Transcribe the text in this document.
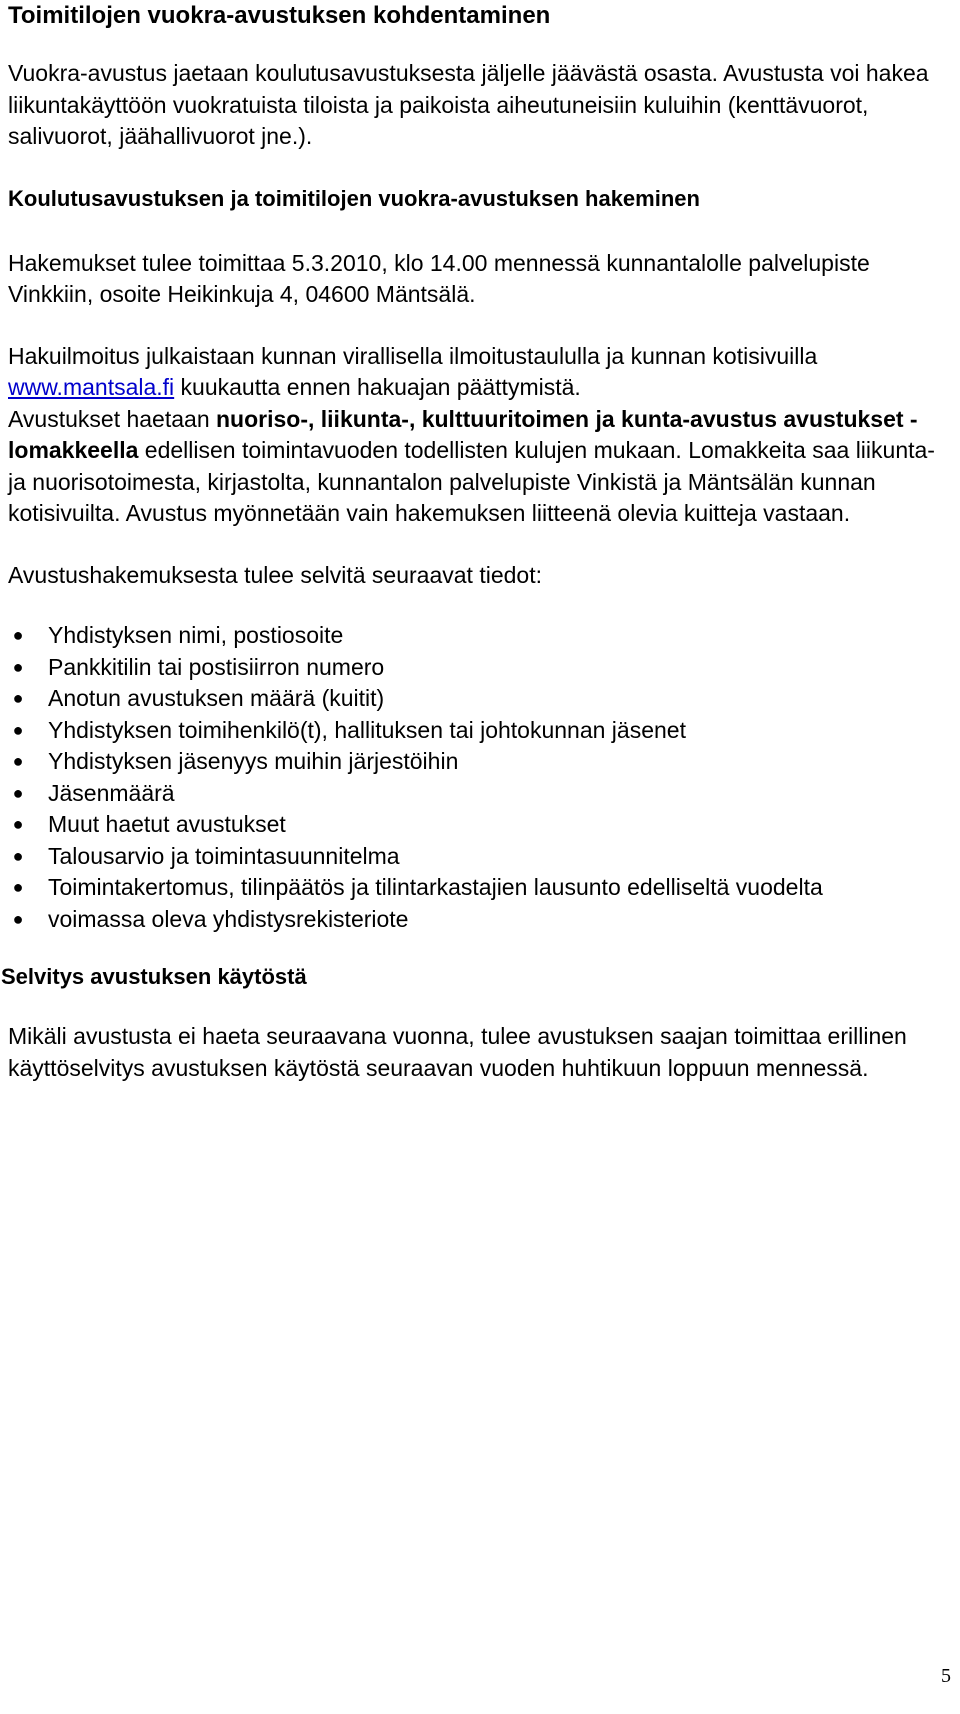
Toimitilojen vuokra-avustuksen kohdentaminen

Vuokra-avustus jaetaan koulutusavustuksesta jäljelle jäävästä osasta. Avustusta voi hakea liikuntakäyttöön vuokratuista tiloista ja paikoista aiheutuneisiin kuluihin (kenttävuorot, salivuorot, jäähallivuorot jne.).

Koulutusavustuksen ja toimitilojen vuokra-avustuksen hakeminen

Hakemukset tulee toimittaa 5.3.2010, klo 14.00 mennessä kunnantalolle palvelupiste Vinkkiin, osoite Heikinkuja 4, 04600 Mäntsälä.

Hakuilmoitus julkaistaan kunnan virallisella ilmoitustaululla ja kunnan kotisivuilla www.mantsala.fi kuukautta ennen hakuajan päättymistä.
Avustukset haetaan nuoriso-, liikunta-, kulttuuritoimen ja kunta-avustus avustukset -lomakkeella edellisen toimintavuoden todellisten kulujen mukaan. Lomakkeita saa liikunta- ja nuorisotoimesta, kirjastolta, kunnantalon palvelupiste Vinkistä ja Mäntsälän kunnan kotisivuilta. Avustus myönnetään vain hakemuksen liitteenä olevia kuitteja vastaan.

Avustushakemuksesta tulee selvitä seuraavat tiedot:

● Yhdistyksen nimi, postiosoite
● Pankkitilin tai postisiirron numero
● Anotun avustuksen määrä (kuitit)
● Yhdistyksen toimihenkilö(t), hallituksen tai johtokunnan jäsenet
● Yhdistyksen jäsenyys muihin järjestöihin
● Jäsenmäärä
● Muut haetut avustukset
● Talousarvio ja toimintasuunnitelma
● Toimintakertomus, tilinpäätös ja tilintarkastajien lausunto edelliseltä vuodelta
● voimassa oleva yhdistysrekisteriote
Selvitys avustuksen käytöstä

Mikäli avustusta ei haeta seuraavana vuonna, tulee avustuksen saajan toimittaa erillinen käyttöselvitys avustuksen käytöstä seuraavan vuoden huhtikuun loppuun mennessä.

5
